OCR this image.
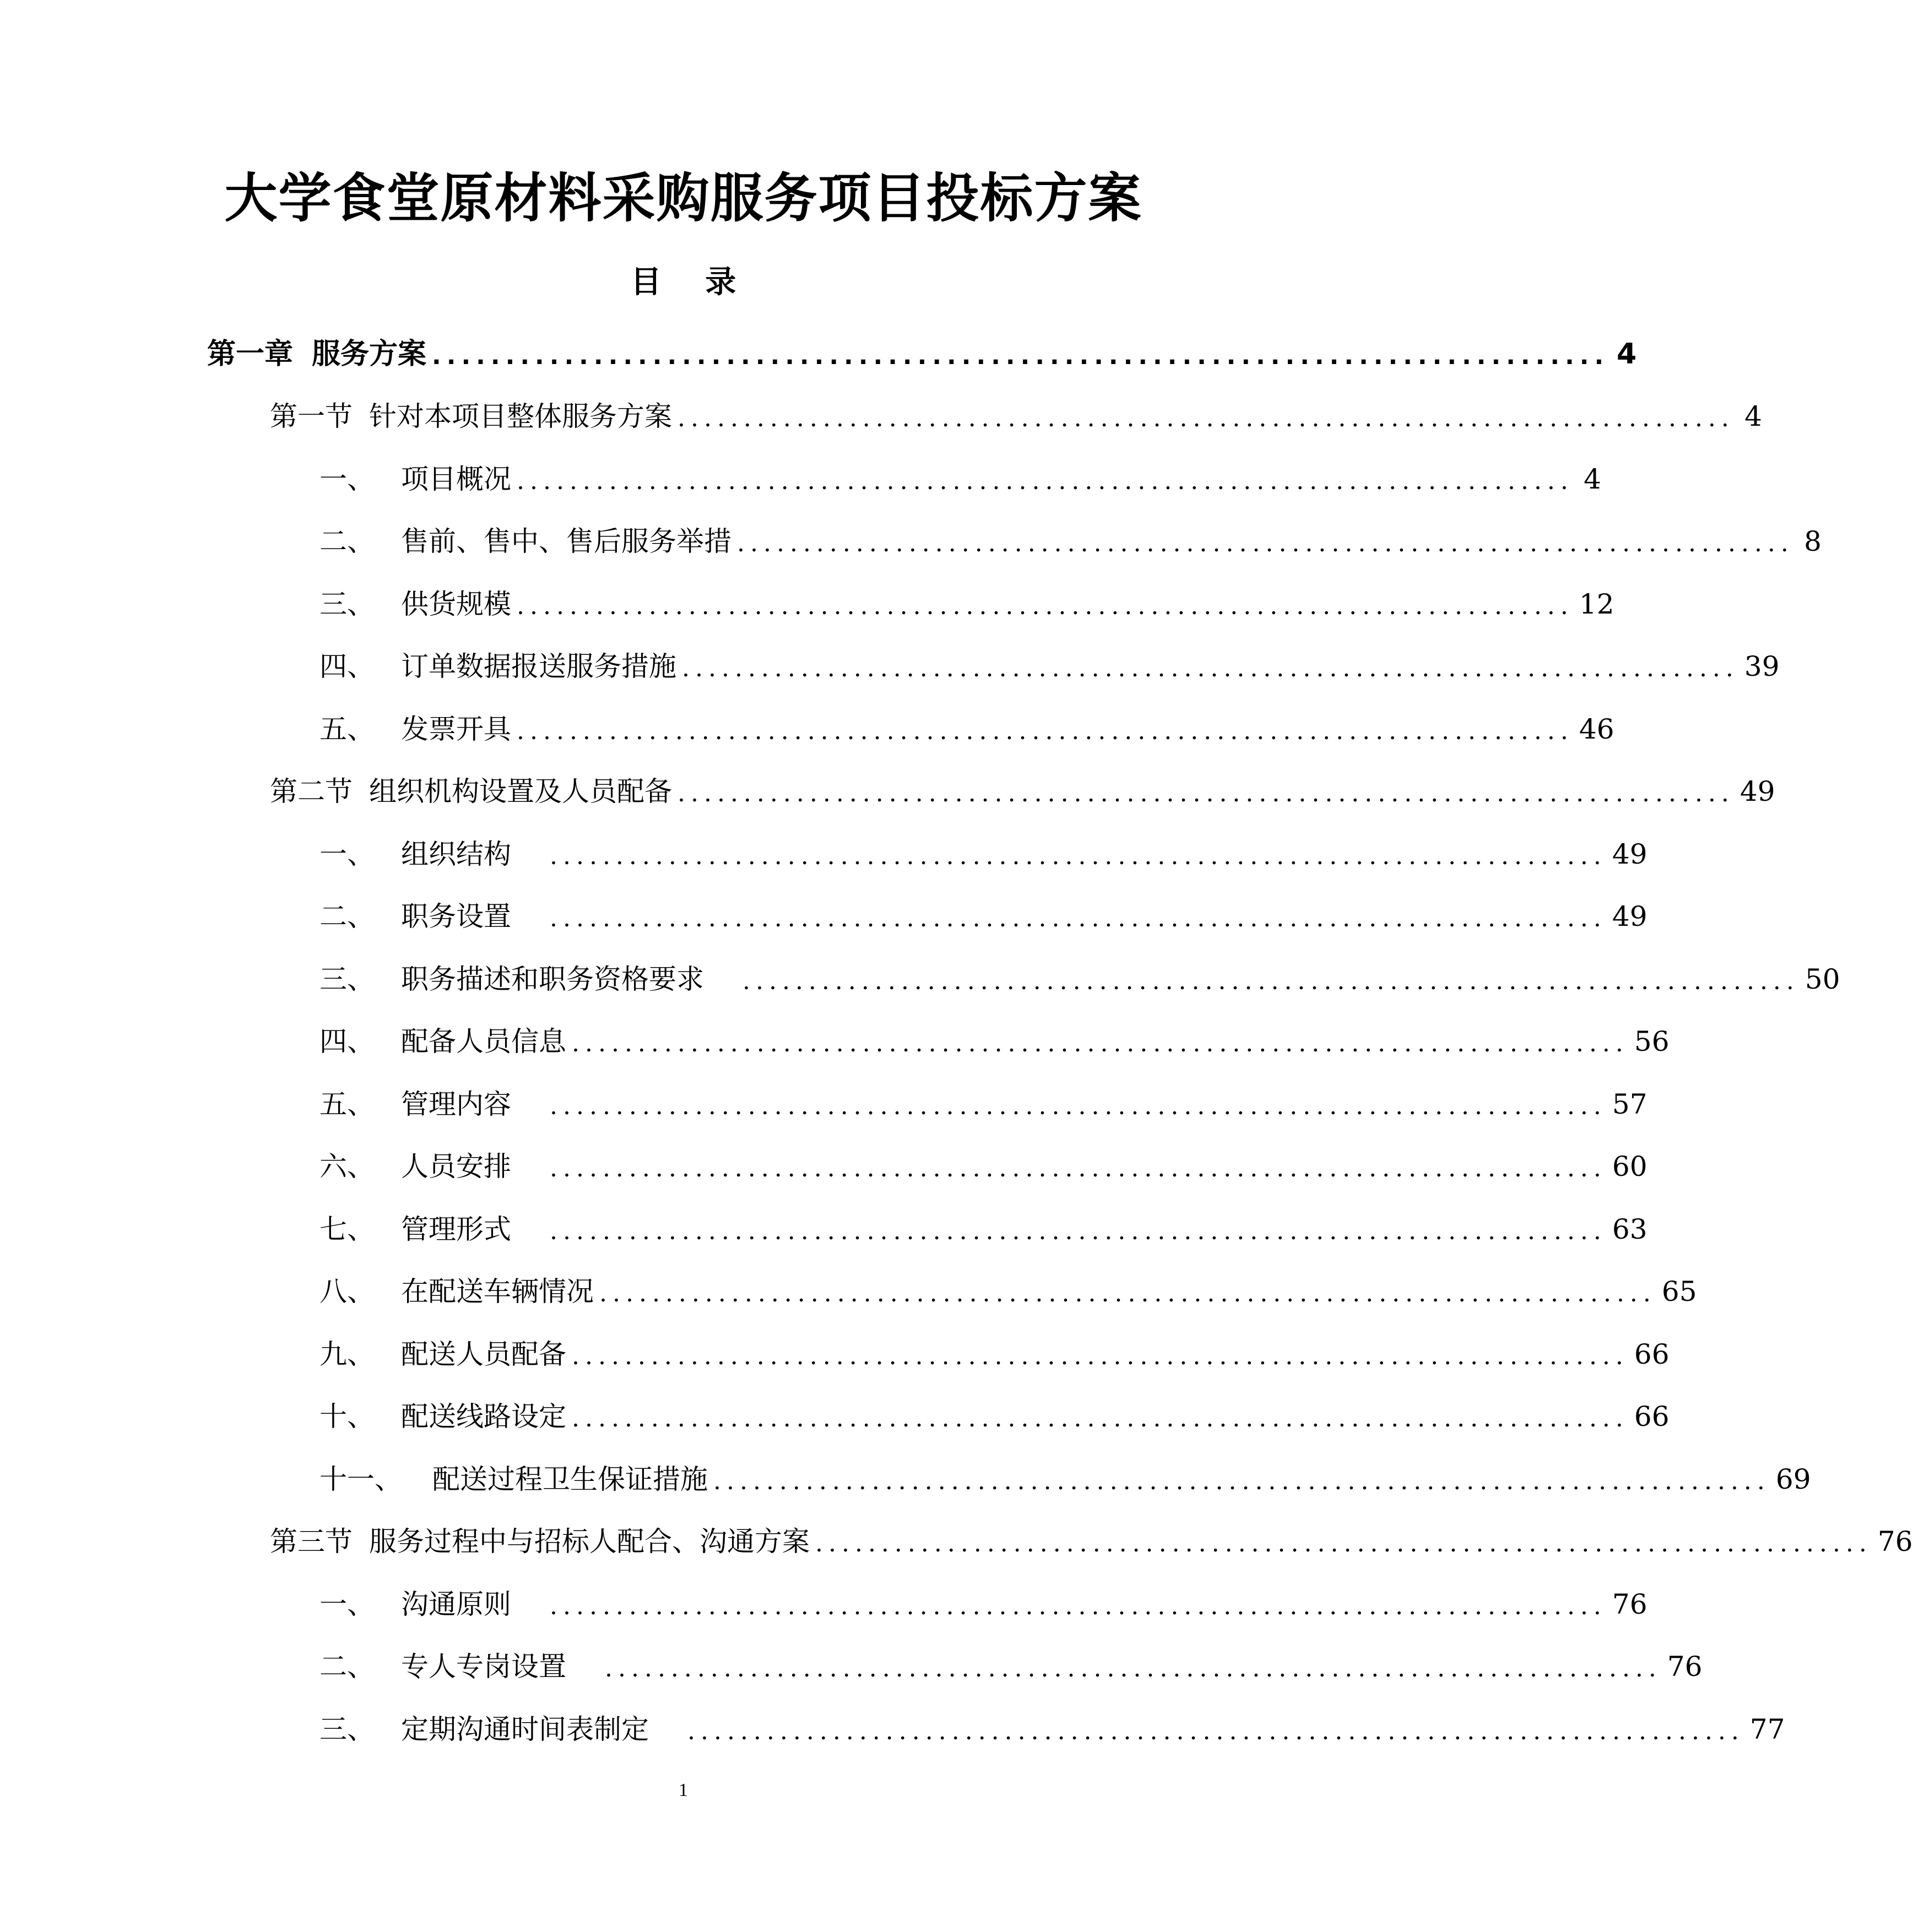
大学食堂原材料采购服务项目投标方案
目 录
第一章 服务方案 ................................................................................ 4
第一节 针对本项目整体服务方案 ................................................................................ 4
一、 项目概况 ................................................................................ 4
二、 售前、售中、售后服务举措 ................................................................................ 8
三、 供货规模 ................................................................................ 12
四、 订单数据报送服务措施 ................................................................................ 39
五、 发票开具 ................................................................................ 46
第二节 组织机构设置及人员配备 ................................................................................ 49
一、 组织结构 ................................................................................ 49
二、 职务设置 ................................................................................ 49
三、 职务描述和职务资格要求 ................................................................................ 50
四、 配备人员信息 ................................................................................ 56
五、 管理内容 ................................................................................ 57
六、 人员安排 ................................................................................ 60
七、 管理形式 ................................................................................ 63
八、 在配送车辆情况 ................................................................................ 65
九、 配送人员配备 ................................................................................ 66
十、 配送线路设定 ................................................................................ 66
十一、	配送过程卫生保证措施 ................................................................................ 69
第三节 服务过程中与招标人配合、沟通方案 ................................................................................ 76
一、 沟通原则 ................................................................................ 76
二、 专人专岗设置 ................................................................................ 76
三、 定期沟通时间表制定 ................................................................................ 77
1
